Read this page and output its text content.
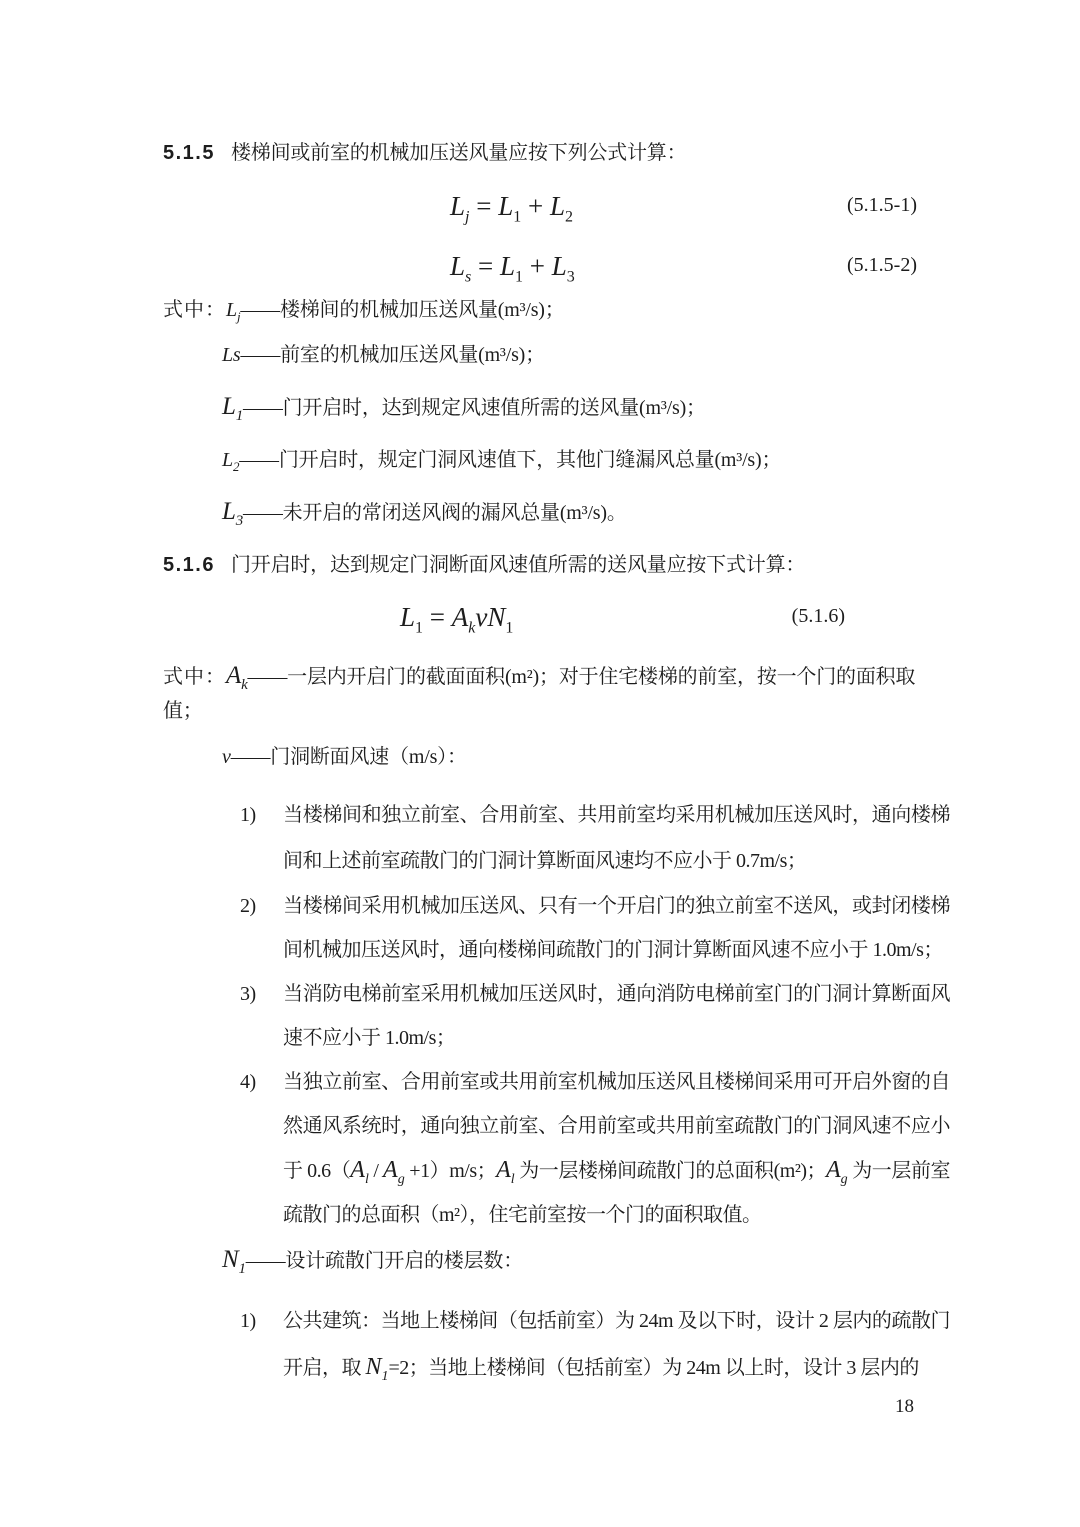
5.1.5 楼梯间或前室的机械加压送风量应按下列公式计算：

$L_j = L_1 + L_2$
(5.1.5-1)
$L_s = L_1 + L_3$
(5.1.5-2)

式中：$L_j——$楼梯间的机械加压送风量(m³/s)；

Ls——前室的机械加压送风量(m³/s)；

$L_1——$门开启时，达到规定风速值所需的送风量(m³/s)；

$L_2——$门开启时，规定门洞风速值下，其他门缝漏风总量(m³/s)；

$L_3——$未开启的常闭送风阀的漏风总量(m³/s)。

5.1.6 门开启时，达到规定门洞断面风速值所需的送风量应按下式计算：

$L_1 = A_kvN_1$
(5.1.6)

式中：$A_k——$一层内开启门的截面面积(m²)；对于住宅楼梯的前室，按一个门的面积取值；

v——门洞断面风速（m/s）：

1) 当楼梯间和独立前室、合用前室、共用前室均采用机械加压送风时，通向楼梯间和上述前室疏散门的门洞计算断面风速均不应小于 0.7m/s；
2) 当楼梯间采用机械加压送风、只有一个开启门的独立前室不送风，或封闭楼梯间机械加压送风时，通向楼梯间疏散门的门洞计算断面风速不应小于 1.0m/s；
3) 当消防电梯前室采用机械加压送风时，通向消防电梯前室门的门洞计算断面风速不应小于 1.0m/s；
4) 当独立前室、合用前室或共用前室机械加压送风且楼梯间采用可开启外窗的自然通风系统时，通向独立前室、合用前室或共用前室疏散门的门洞风速不应小于 $0.6(A_l / A_g +1)m/s$；$A_l$ 为一层楼梯间疏散门的总面积(m²)；$A_g$ 为一层前室疏散门的总面积（m²），住宅前室按一个门的面积取值。

$N_1——$设计疏散门开启的楼层数：

1) 公共建筑：当地上楼梯间（包括前室）为 24m 及以下时，设计 2 层内的疏散门开启，取 $N_1=2$；当地上楼梯间（包括前室）为 24m 以上时，设计 3 层内的
18
